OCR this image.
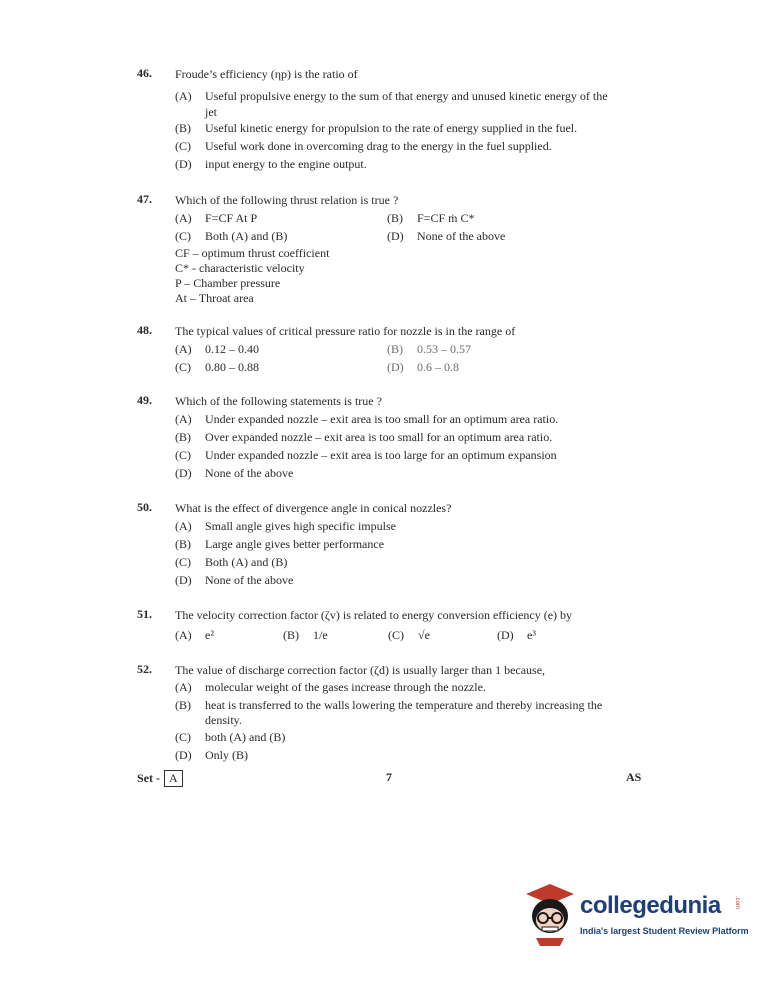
46. Froude’s efficiency (ηp) is the ratio of
(A) Useful propulsive energy to the sum of that energy and unused kinetic energy of the
jet
(B) Useful kinetic energy for propulsion to the rate of energy supplied in the fuel.
(C) Useful work done in overcoming drag to the energy in the fuel supplied.
(D) input energy to the engine output.
47. Which of the following thrust relation is true ?
(A) F=CF At P	(B) F=CF ṁ C*
(C) Both (A) and (B)	(D) None of the above
CF – optimum thrust coefficient
C* - characteristic velocity
P – Chamber pressure
At – Throat area
48. The typical values of critical pressure ratio for nozzle is in the range of
(A) 0.12 – 0.40	(B) 0.53 – 0.57
(C) 0.80 – 0.88	(D) 0.6 – 0.8
49. Which of the following statements is true ?
(A) Under expanded nozzle – exit area is too small for an optimum area ratio.
(B) Over expanded nozzle – exit area is too small for an optimum area ratio.
(C) Under expanded nozzle – exit area is too large for an optimum expansion
(D) None of the above
50. What is the effect of divergence angle in conical nozzles?
(A) Small angle gives high specific impulse
(B) Large angle gives better performance
(C) Both (A) and (B)
(D) None of the above
51. The velocity correction factor (ζv) is related to energy conversion efficiency (e) by
(A) e²	(B) 1/e	(C) √e	(D) e³
52. The value of discharge correction factor (ζd) is usually larger than 1 because,
(A) molecular weight of the gases increase through the nozzle.
(B) heat is transferred to the walls lowering the temperature and thereby increasing the
density.
(C) both (A) and (B)
(D) Only (B)
Set - A	7	AS
collegedunia .com
India's largest Student Review Platform
